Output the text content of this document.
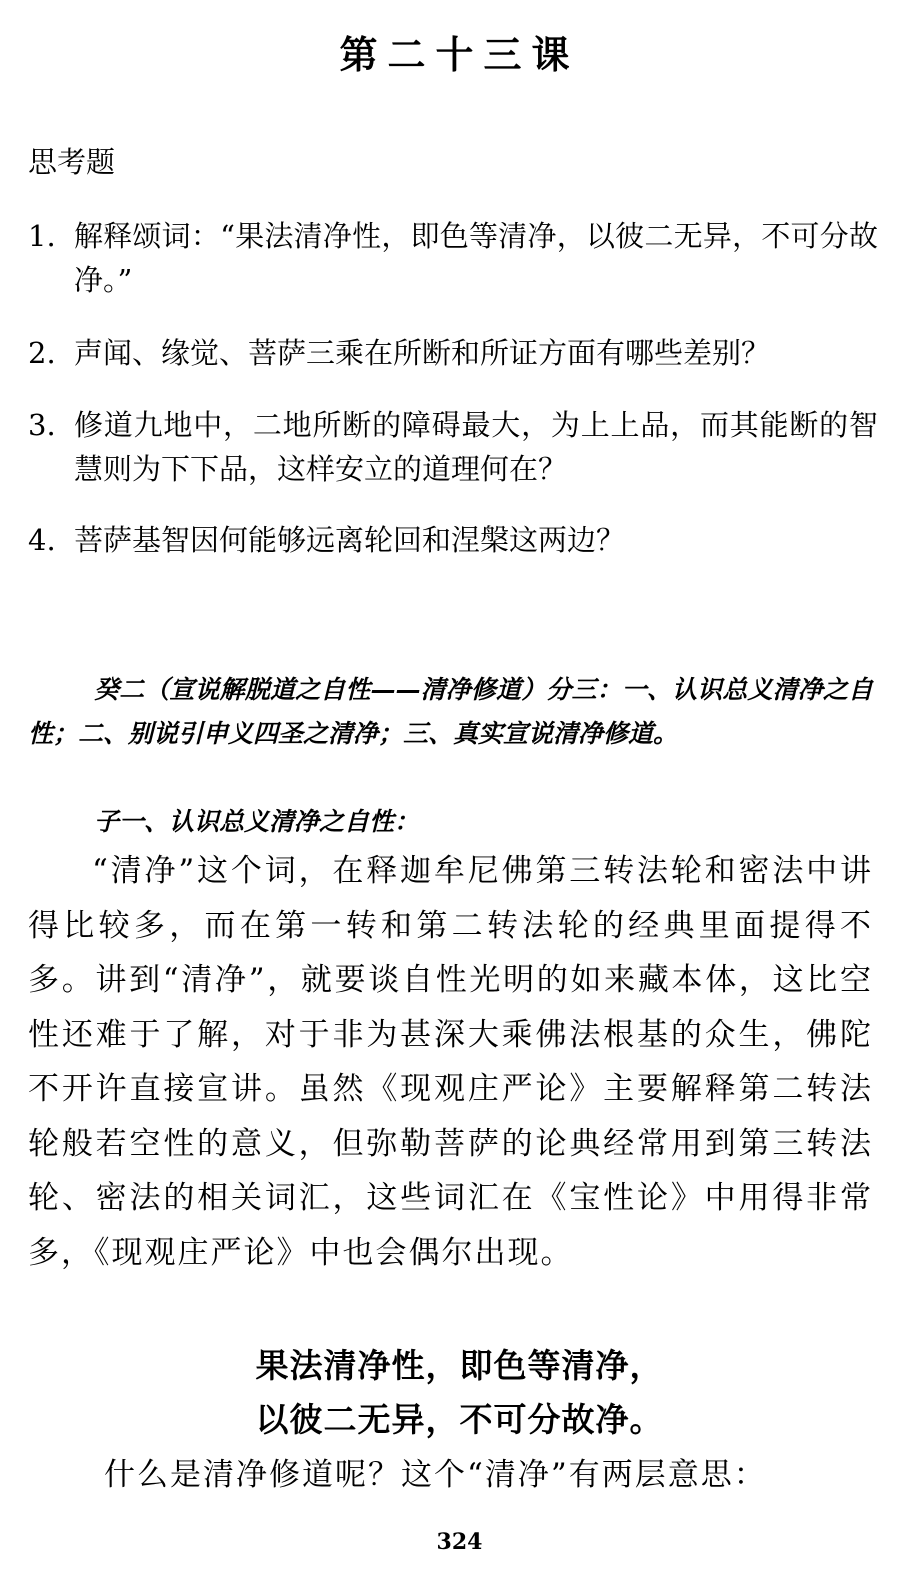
第二十三课
思考题
1. 解释颂词：“果法清净性，即色等清净，以彼二无异，不可分故净。”
2. 声闻、缘觉、菩萨三乘在所断和所证方面有哪些差别？
3. 修道九地中，二地所断的障碍最大，为上上品，而其能断的智慧则为下下品，这样安立的道理何在？
4. 菩萨基智因何能够远离轮回和涅槃这两边？
癸二（宣说解脱道之自性——清净修道）分三：一、认识总义清净之自性；二、别说引申义四圣之清净；三、真实宣说清净修道。
子一、认识总义清净之自性：
“清净”这个词，在释迦牟尼佛第三转法轮和密法中讲得比较多，而在第一转和第二转法轮的经典里面提得不多。讲到“清净”，就要谈自性光明的如来藏本体，这比空性还难于了解，对于非为甚深大乘佛法根基的众生，佛陀不开许直接宣讲。虽然《现观庄严论》主要解释第二转法轮般若空性的意义，但弥勒菩萨的论典经常用到第三转法轮、密法的相关词汇，这些词汇在《宝性论》中用得非常多，《现观庄严论》中也会偶尔出现。
果法清净性，即色等清净，
以彼二无异，不可分故净。
什么是清净修道呢？这个“清净”有两层意思：
324
